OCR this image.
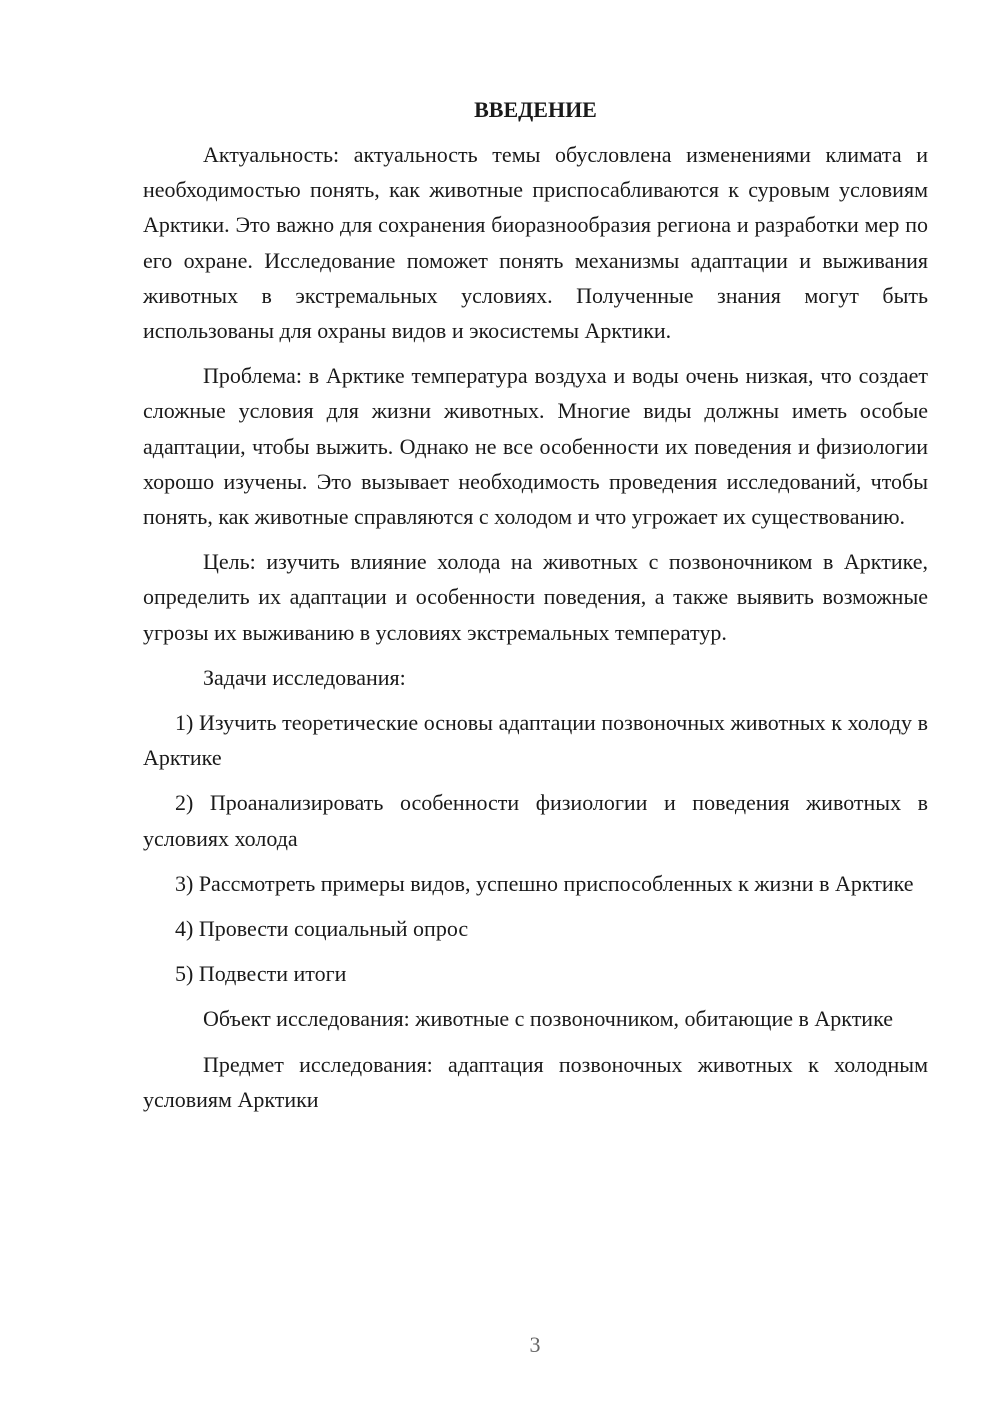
ВВЕДЕНИЕ

Актуальность: актуальность темы обусловлена изменениями климата и необходимостью понять, как животные приспосабливаются к суровым условиям Арктики. Это важно для сохранения биоразнообразия региона и разработки мер по его охране. Исследование поможет понять механизмы адаптации и выживания животных в экстремальных условиях. Полученные знания могут быть использованы для охраны видов и экосистемы Арктики.

Проблема: в Арктике температура воздуха и воды очень низкая, что создает сложные условия для жизни животных. Многие виды должны иметь особые адаптации, чтобы выжить. Однако не все особенности их поведения и физиологии хорошо изучены. Это вызывает необходимость проведения исследований, чтобы понять, как животные справляются с холодом и что угрожает их существованию.

Цель: изучить влияние холода на животных с позвоночником в Арктике, определить их адаптации и особенности поведения, а также выявить возможные угрозы их выживанию в условиях экстремальных температур.

Задачи исследования:

1) Изучить теоретические основы адаптации позвоночных животных к холоду в Арктике

2) Проанализировать особенности физиологии и поведения животных в условиях холода

3) Рассмотреть примеры видов, успешно приспособленных к жизни в Арктике

4) Провести социальный опрос

5) Подвести итоги

Объект исследования: животные с позвоночником, обитающие в Арктике

Предмет исследования: адаптация позвоночных животных к холодным условиям Арктики

3
